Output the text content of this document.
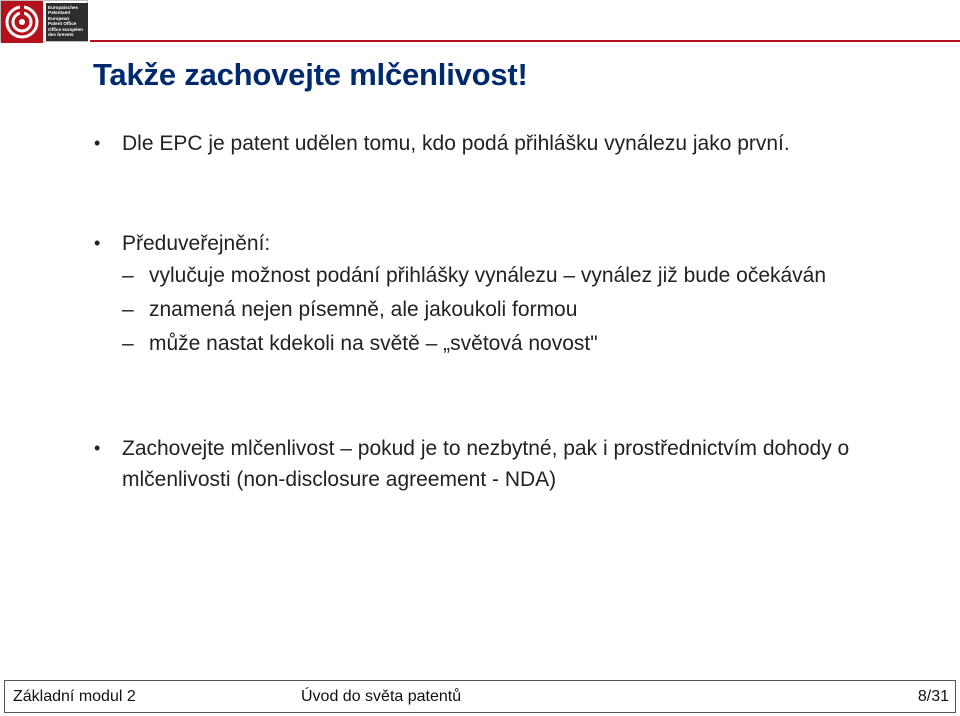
Europäisches
Patentamt
European
Patent Office
Office européen
des brevets
Takže zachovejte mlčenlivost!
• Dle EPC je patent udělen tomu, kdo podá přihlášku vynálezu jako první.
• Předuveřejnění:
– vylučuje možnost podání přihlášky vynálezu – vynález již bude očekáván
– znamená nejen písemně, ale jakoukoli formou
– může nastat kdekoli na světě – „světová novost"
• Zachovejte mlčenlivost – pokud je to nezbytné, pak i prostřednictvím dohody o mlčenlivosti (non-disclosure agreement - NDA)
Základní modul 2	Úvod do světa patentů	8/31
